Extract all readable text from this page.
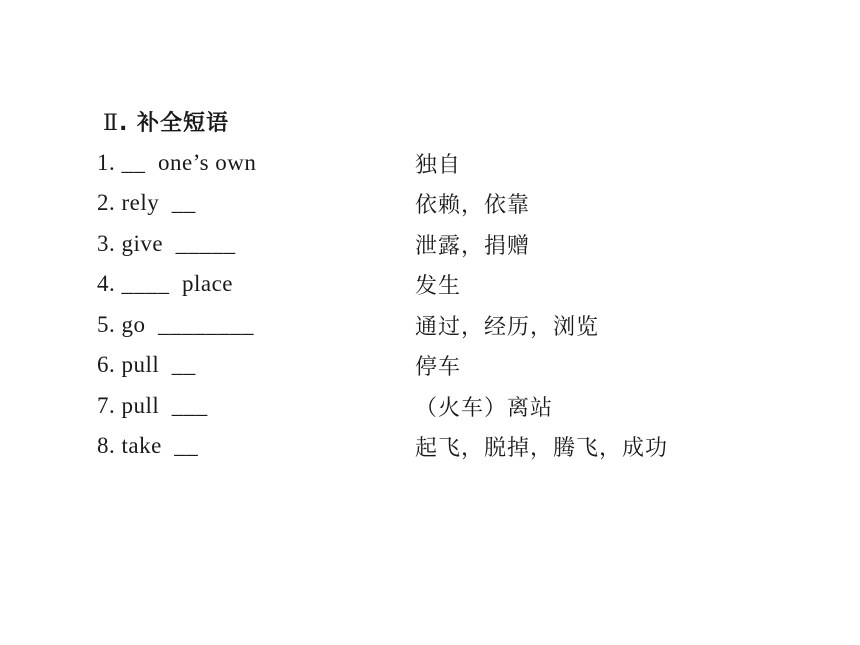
Ⅱ. 补全短语
1. __  one’s own	独自
2. rely  __	依赖，依靠
3. give  _____	泄露，捐赠
4. ____  place	发生
5. go  ________	通过，经历，浏览
6. pull  __	停车
7. pull  ___	（火车）离站
8. take  __	起飞，脱掉，腾飞，成功
